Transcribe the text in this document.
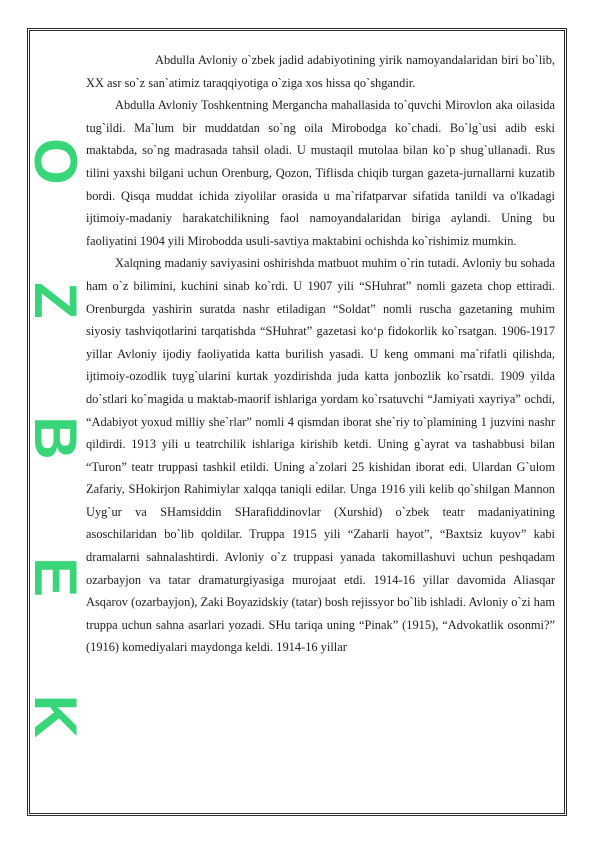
OZBEK

Abdulla Avloniy o`zbek jadid adabiyotining yirik namoyandalaridan biri bo`lib, XX asr so`z san`atimiz taraqqiyotiga o`ziga xos hissa qo`shgandir.

Abdulla Avloniy Toshkentning Mergancha mahallasida to`quvchi Mirovlon aka oilasida tug`ildi. Ma`lum bir muddatdan so`ng oila Mirobodga ko`chadi. Bo`lg`usi adib eski maktabda, so`ng madrasada tahsil oladi. U mustaqil mutolaa bilan ko`p shug`ullanadi. Rus tilini yaxshi bilgani uchun Orenburg, Qozon, Tiflisda chiqib turgan gazeta-jurnallarni kuzatib bordi. Qisqa muddat ichida ziyolilar orasida u ma`rifatparvar sifatida tanildi va o'lkadagi ijtimoiy-madaniy harakatchilikning faol namoyandalaridan biriga aylandi. Uning bu faoliyatini 1904 yili Mirobodda usuli-savtiya maktabini ochishda ko`rishimiz mumkin.

Xalqning madaniy saviyasini oshirishda matbuot muhim o`rin tutadi. Avloniy bu sohada ham o`z bilimini, kuchini sinab ko`rdi. U 1907 yili “SHuhrat” nomli gazeta chop ettiradi. Orenburgda yashirin suratda nashr etiladigan “Soldat” nomli ruscha gazetaning muhim siyosiy tashviqotlarini tarqatishda “SHuhrat” gazetasi ko‘p fidokorlik ko`rsatgan. 1906-1917 yillar Avloniy ijodiy faoliyatida katta burilish yasadi. U keng ommani ma`rifatli qilishda, ijtimoiy-ozodlik tuyg`ularini kurtak yozdirishda juda katta jonbozlik ko`rsatdi. 1909 yilda do`stlari ko`magida u maktab-maorif ishlariga yordam ko`rsatuvchi “Jamiyati xayriya” ochdi, “Adabiyot yoxud milliy she`rlar” nomli 4 qismdan iborat she`riy to`plamining 1 juzvini nashr qildirdi. 1913 yili u teatrchilik ishlariga kirishib ketdi. Uning g`ayrat va tashabbusi bilan “Turon” teatr truppasi tashkil etildi. Uning a`zolari 25 kishidan iborat edi. Ulardan G`ulom Zafariy, SHokirjon Rahimiylar xalqqa taniqli edilar. Unga 1916 yili kelib qo`shilgan Mannon Uyg`ur va SHamsiddin SHarafiddinovlar (Xurshid) o`zbek teatr madaniyatining asoschilaridan bo`lib qoldilar. Truppa 1915 yili “Zaharli hayot”, “Baxtsiz kuyov” kabi dramalarni sahnalashtirdi. Avloniy o`z truppasi yanada takomillashuvi uchun peshqadam ozarbayjon va tatar dramaturgiyasiga murojaat etdi. 1914-16 yillar davomida Aliasqar Asqarov (ozarbayjon), Zaki Boyazidskiy (tatar) bosh rejissyor bo`lib ishladi. Avloniy o`zi ham truppa uchun sahna asarlari yozadi. SHu tariqa uning “Pinak” (1915), “Advokatlik osonmi?” (1916) komediyalari maydonga keldi. 1914-16 yillar
